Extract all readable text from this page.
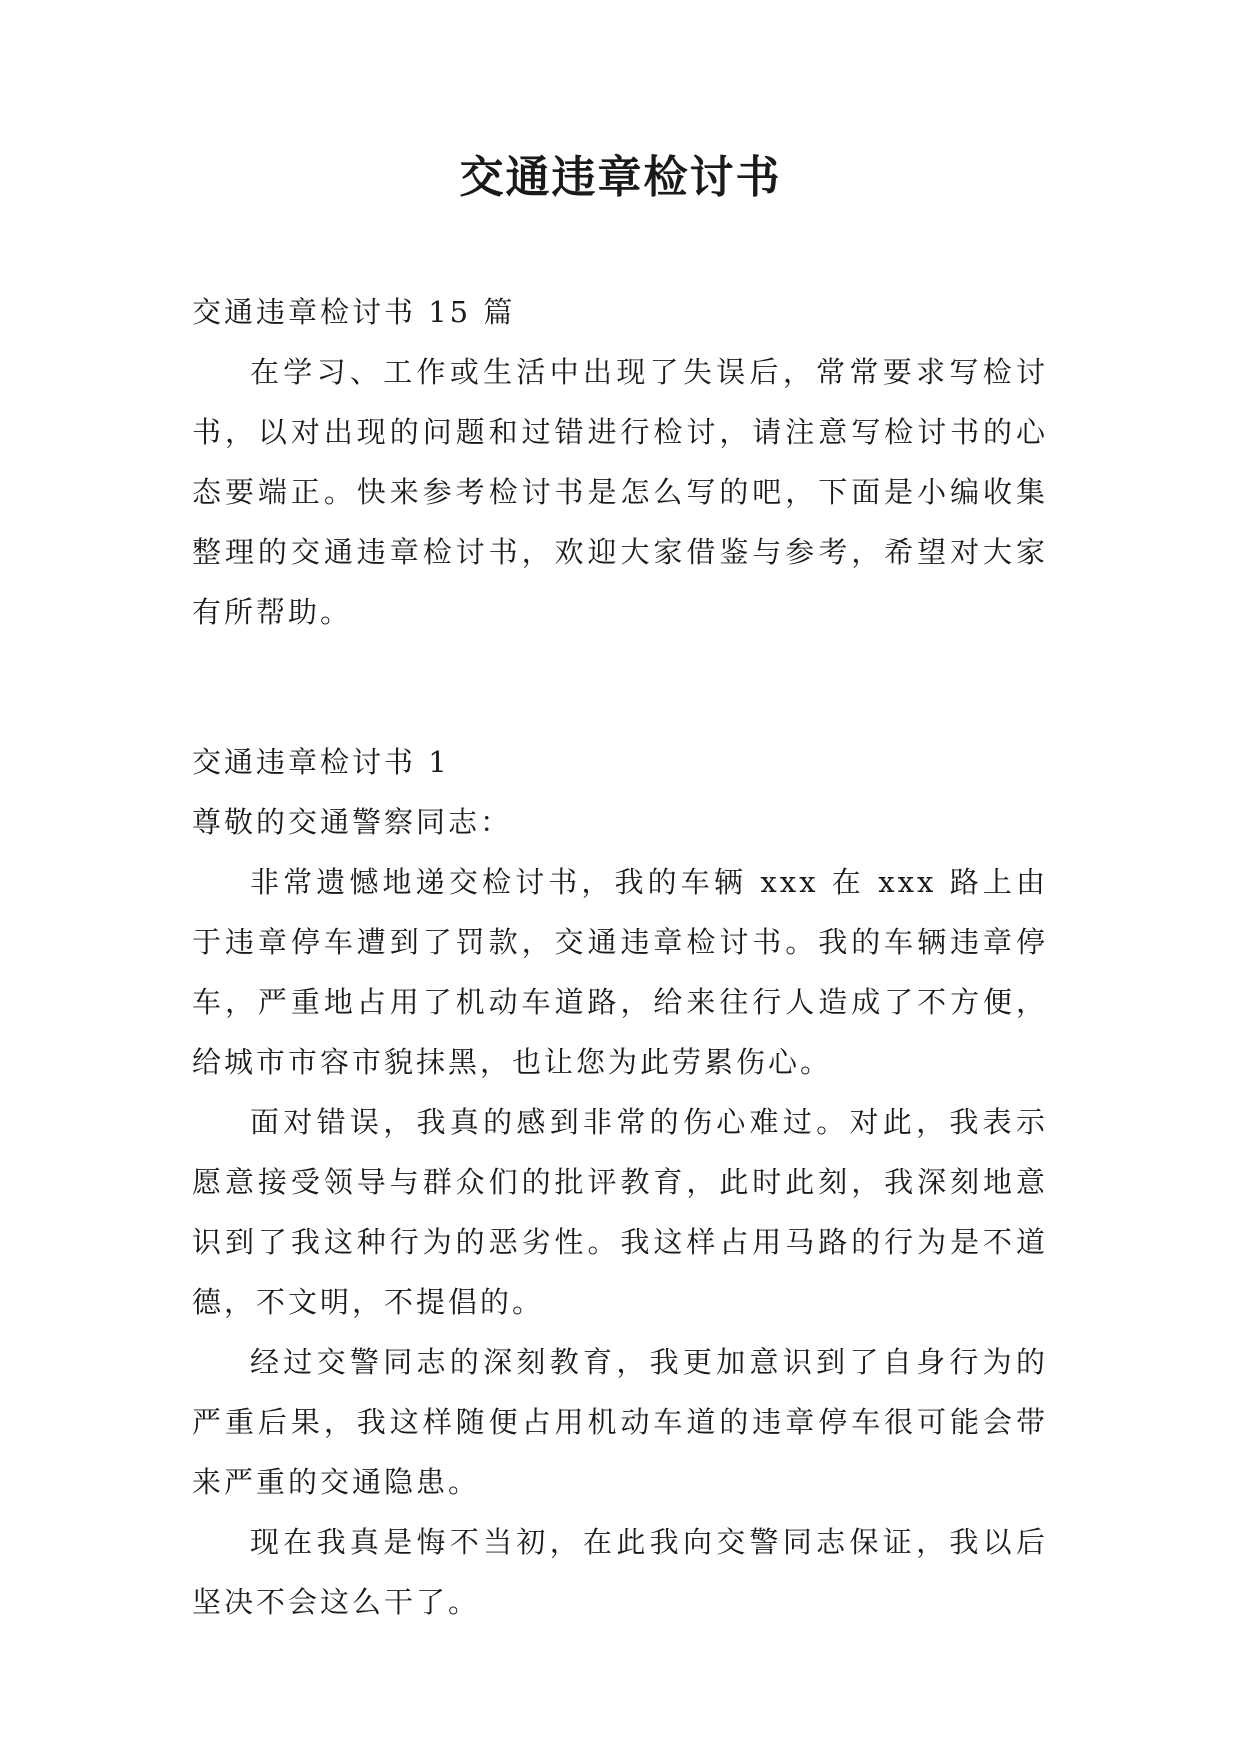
交通违章检讨书

交通违章检讨书 15 篇

在学习、工作或生活中出现了失误后，常常要求写检讨书，以对出现的问题和过错进行检讨，请注意写检讨书的心态要端正。快来参考检讨书是怎么写的吧，下面是小编收集整理的交通违章检讨书，欢迎大家借鉴与参考，希望对大家有所帮助。

交通违章检讨书 1

尊敬的交通警察同志：

非常遗憾地递交检讨书，我的车辆 xxx 在 xxx 路上由于违章停车遭到了罚款，交通违章检讨书。我的车辆违章停车，严重地占用了机动车道路，给来往行人造成了不方便，给城市市容市貌抹黑，也让您为此劳累伤心。

面对错误，我真的感到非常的伤心难过。对此，我表示愿意接受领导与群众们的批评教育，此时此刻，我深刻地意识到了我这种行为的恶劣性。我这样占用马路的行为是不道德，不文明，不提倡的。

经过交警同志的深刻教育，我更加意识到了自身行为的严重后果，我这样随便占用机动车道的违章停车很可能会带来严重的交通隐患。

现在我真是悔不当初，在此我向交警同志保证，我以后坚决不会这么干了。
